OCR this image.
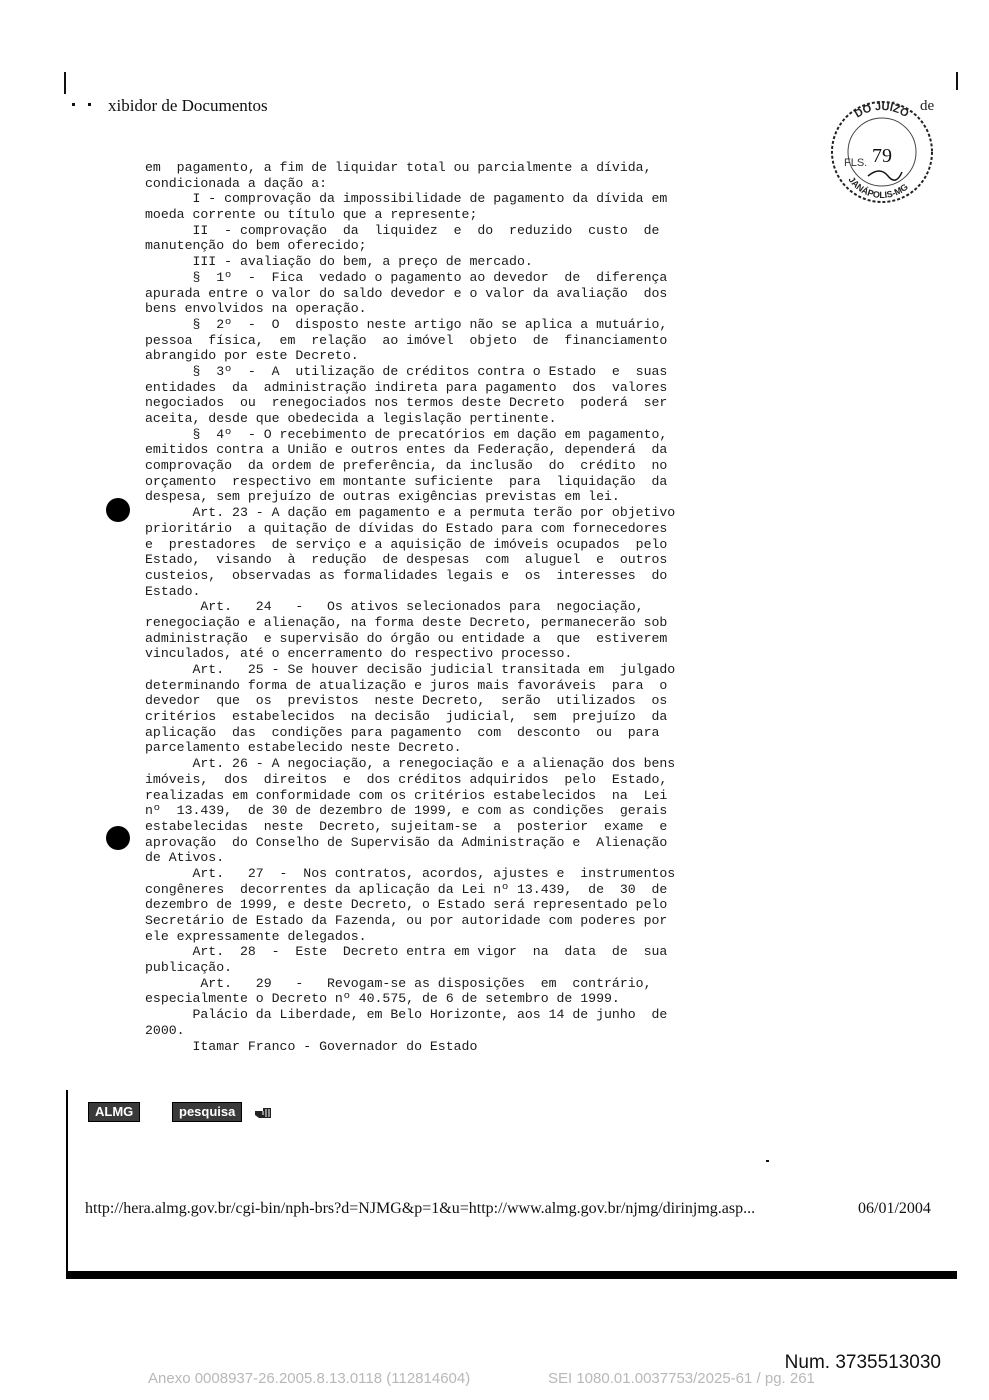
xibidor de Documentos	de
DO JUÍZO
JANÁPOLIS-MG
FLS. 79
em  pagamento, a fim de liquidar total ou parcialmente a dívida,
condicionada a dação a:
I - comprovação da impossibilidade de pagamento da dívida em
moeda corrente ou título que a represente;
II  - comprovação  da  liquidez  e  do  reduzido  custo  de
manutenção do bem oferecido;
III - avaliação do bem, a preço de mercado.
§  1º  -  Fica  vedado o pagamento ao devedor  de  diferença
apurada entre o valor do saldo devedor e o valor da avaliação  dos
bens envolvidos na operação.
§  2º  -  O  disposto neste artigo não se aplica a mutuário,
pessoa  física,  em  relação  ao imóvel  objeto  de  financiamento
abrangido por este Decreto.
§  3º  -  A  utilização de créditos contra o Estado  e  suas
entidades  da  administração indireta para pagamento  dos  valores
negociados  ou  renegociados nos termos deste Decreto  poderá  ser
aceita, desde que obedecida a legislação pertinente.
§  4º  - O recebimento de precatórios em dação em pagamento,
emitidos contra a União e outros entes da Federação, dependerá  da
comprovação  da ordem de preferência, da inclusão  do  crédito  no
orçamento  respectivo em montante suficiente  para  liquidação  da
despesa, sem prejuízo de outras exigências previstas em lei.
Art. 23 - A dação em pagamento e a permuta terão por objetivo
prioritário  a quitação de dívidas do Estado para com fornecedores
e  prestadores  de serviço e a aquisição de imóveis ocupados  pelo
Estado,  visando  à  redução  de despesas  com  aluguel  e  outros
custeios,  observadas as formalidades legais e  os  interesses  do
Estado.
Art.   24   -   Os ativos selecionados para  negociação,
renegociação e alienação, na forma deste Decreto, permanecerão sob
administração  e supervisão do órgão ou entidade a  que  estiverem
vinculados, até o encerramento do respectivo processo.
Art.   25 - Se houver decisão judicial transitada em  julgado
determinando forma de atualização e juros mais favoráveis  para  o
devedor  que  os  previstos  neste Decreto,  serão  utilizados  os
critérios  estabelecidos  na decisão  judicial,  sem  prejuízo  da
aplicação  das  condições para pagamento  com  desconto  ou  para
parcelamento estabelecido neste Decreto.
Art. 26 - A negociação, a renegociação e a alienação dos bens
imóveis,  dos  direitos  e  dos créditos adquiridos  pelo  Estado,
realizadas em conformidade com os critérios estabelecidos  na  Lei
nº  13.439,  de 30 de dezembro de 1999, e com as condições  gerais
estabelecidas  neste  Decreto, sujeitam-se  a  posterior  exame  e
aprovação  do Conselho de Supervisão da Administração e  Alienação
de Ativos.
Art.   27  -  Nos contratos, acordos, ajustes e  instrumentos
congêneres  decorrentes da aplicação da Lei nº 13.439,  de  30  de
dezembro de 1999, e deste Decreto, o Estado será representado pelo
Secretário de Estado da Fazenda, ou por autoridade com poderes por
ele expressamente delegados.
Art.  28  -  Este  Decreto entra em vigor  na  data  de  sua
publicação.
Art.   29   -   Revogam-se as disposições  em  contrário,
especialmente o Decreto nº 40.575, de 6 de setembro de 1999.
Palácio da Liberdade, em Belo Horizonte, aos 14 de junho  de
2000.
Itamar Franco - Governador do Estado
ALMG	pesquisa
http://hera.almg.gov.br/cgi-bin/nph-brs?d=NJMG&p=1&u=http://www.almg.gov.br/njmg/dirinjmg.asp...	06/01/2004
Num. 3735513030
Anexo 0008937-26.2005.8.13.0118 (112814604)	SEI 1080.01.0037753/2025-61 / pg. 261
